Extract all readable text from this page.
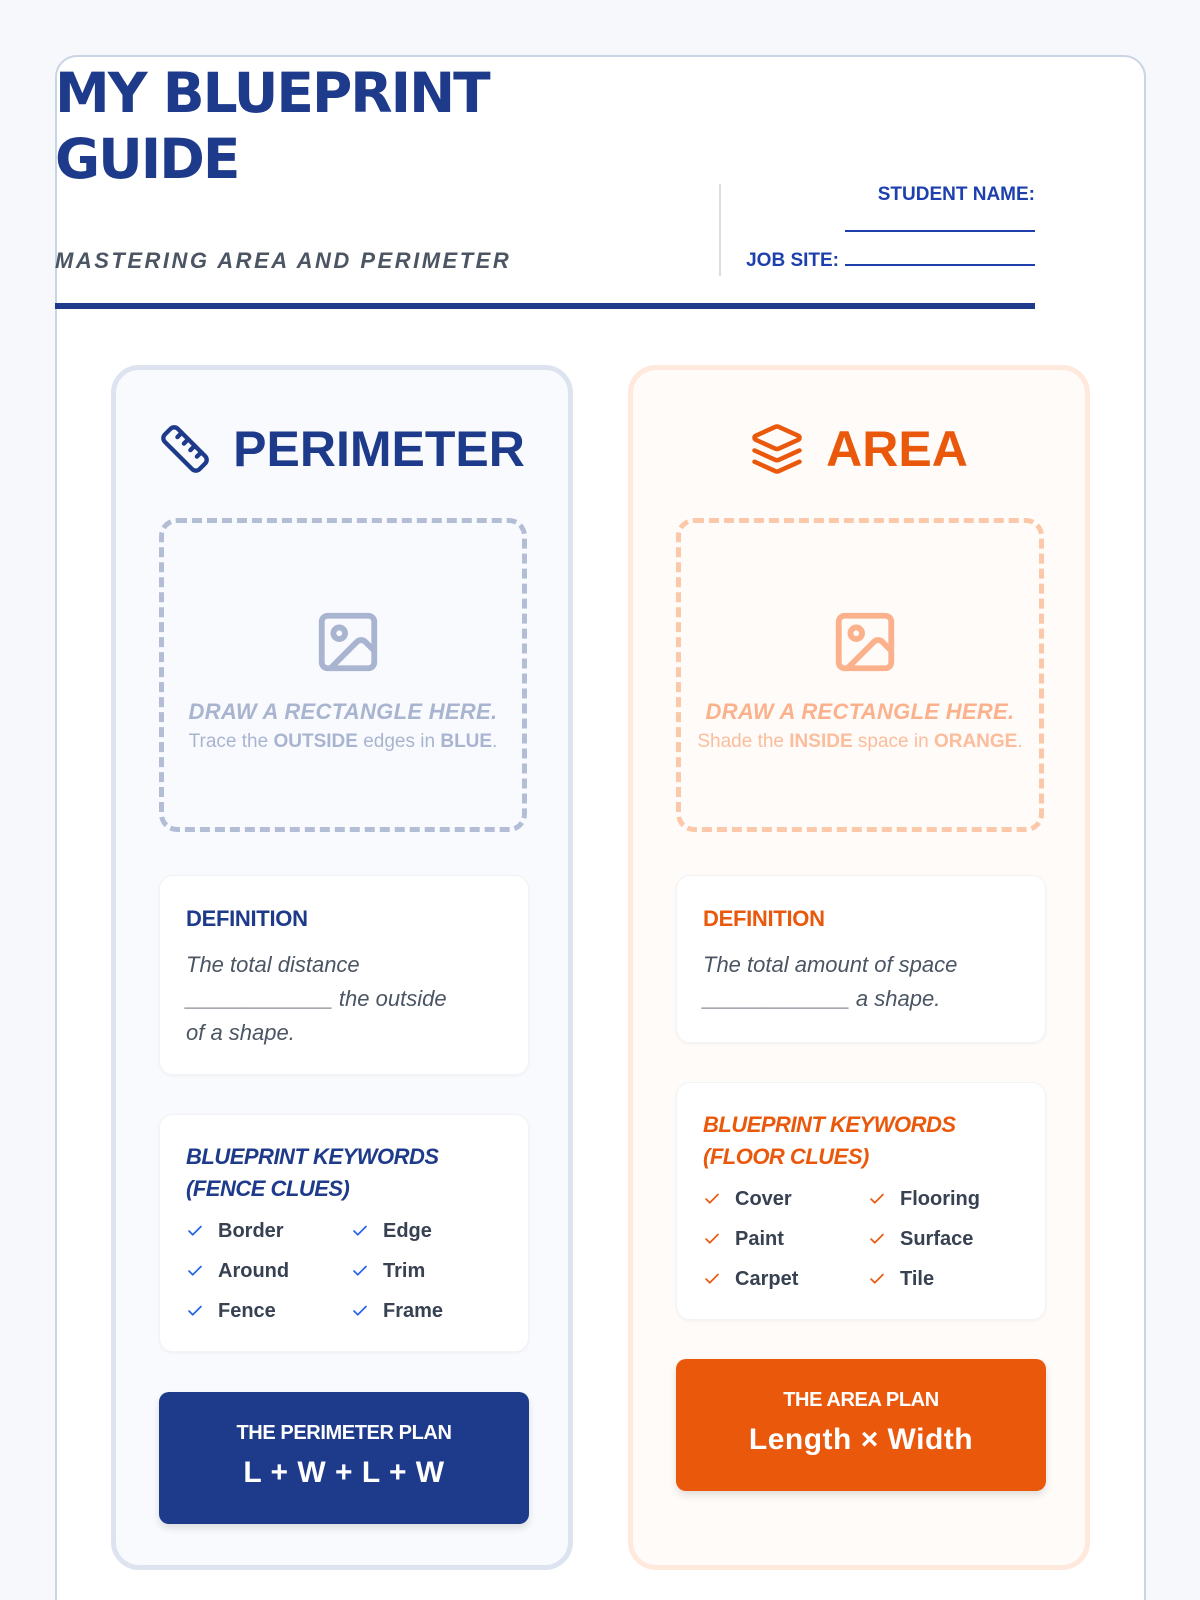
MY BLUEPRINT GUIDE
MASTERING AREA AND PERIMETER
STUDENT NAME:
JOB SITE:
PERIMETER
DRAW A RECTANGLE HERE.
Trace the OUTSIDE edges in BLUE.
DEFINITION
The total distance
____________ the outside
of a shape.
BLUEPRINT KEYWORDS
(FENCE CLUES)
Border	Edge
Around	Trim
Fence	Frame
THE PERIMETER PLAN
L + W + L + W
AREA
DRAW A RECTANGLE HERE.
Shade the INSIDE space in ORANGE.
DEFINITION
The total amount of space
____________ a shape.
BLUEPRINT KEYWORDS
(FLOOR CLUES)
Cover	Flooring
Paint	Surface
Carpet	Tile
THE AREA PLAN
Length × Width
